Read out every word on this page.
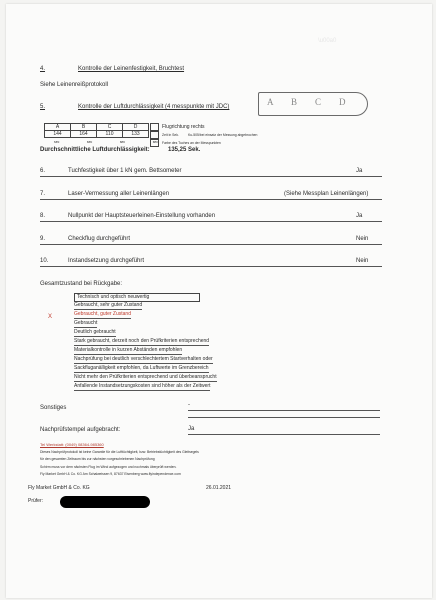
\u00a0
4.	Kontrolle der Leinenfestigkeit, Bruchtest
Siehe Leinenreißprotokoll
5.	Kontrolle der Luftdurchlässigkeit (4 messpunkte mit JDC)	A B C D
A	B	C	D
144	164	110	133
sec	sec	sec	sec
Flugrichtung rechts
Zeit in Sek.	Ku-505/bei einsatz der Messung abgebrochen
Farbe des Tuches an der Messpunkten
Durchschnittliche Luftdurchlässigkeit:	135,25 Sek.
6.	Tuchfestigkeit über 1 kN gem. Bettsometer	Ja
7.	Laser-Vermessung aller Leinenlängen	(Siehe Messplan Leinenlängen)
8.	Nullpunkt der Hauptsteuerleinen-Einstellung vorhanden	Ja
9.	Checkflug durchgeführt	Nein
10.	Instandsetzung durchgeführt	Nein
Gesamtzustand bei Rückgabe:
X
Technisch und optisch neuwertig
Gebraucht, sehr guter Zustand
Gebraucht, guter Zustand
Gebraucht
Deutlich gebraucht
Stark gebraucht, derzeit noch den Prüfkriterien entsprechend
Materialkontrolle in kurzen Abständen empfohlen
Nachprüfung bei deutlich verschlechtertem Startverhalten oder
Sackfluganälligkeit empfohlen, da Luftwerte im Grenzbereich
Nicht mehr den Prüfkriterien entsprechend und überbeansprucht
Anfallende Instandsetzungskosten sind höher als der Zeitwert
Sonstiges	-
Nachprüfstempel aufgebracht:	Ja
Tel Werkstatt: (0049) 08364-985360
Dieses Nachprüfprotokoll ist keine Garantie für die Lufttüchtigkeit, bzw. Betriebstüchtigkeit des Gleitsegels
für den gesamten Zeitraum bis zur nächsten vorgeschriebenen Nachprüfung
Schirm muss vor dem nächsten Flug im Wind aufgezogen und nochmals überprüft werden.
Fly Market GmbH & Co. KG Am Schalweissen 9, 87637 Eisenberg www.flyindependence.com
Fly Market GmbH & Co. KG	26.01.2021
Prüfer:
